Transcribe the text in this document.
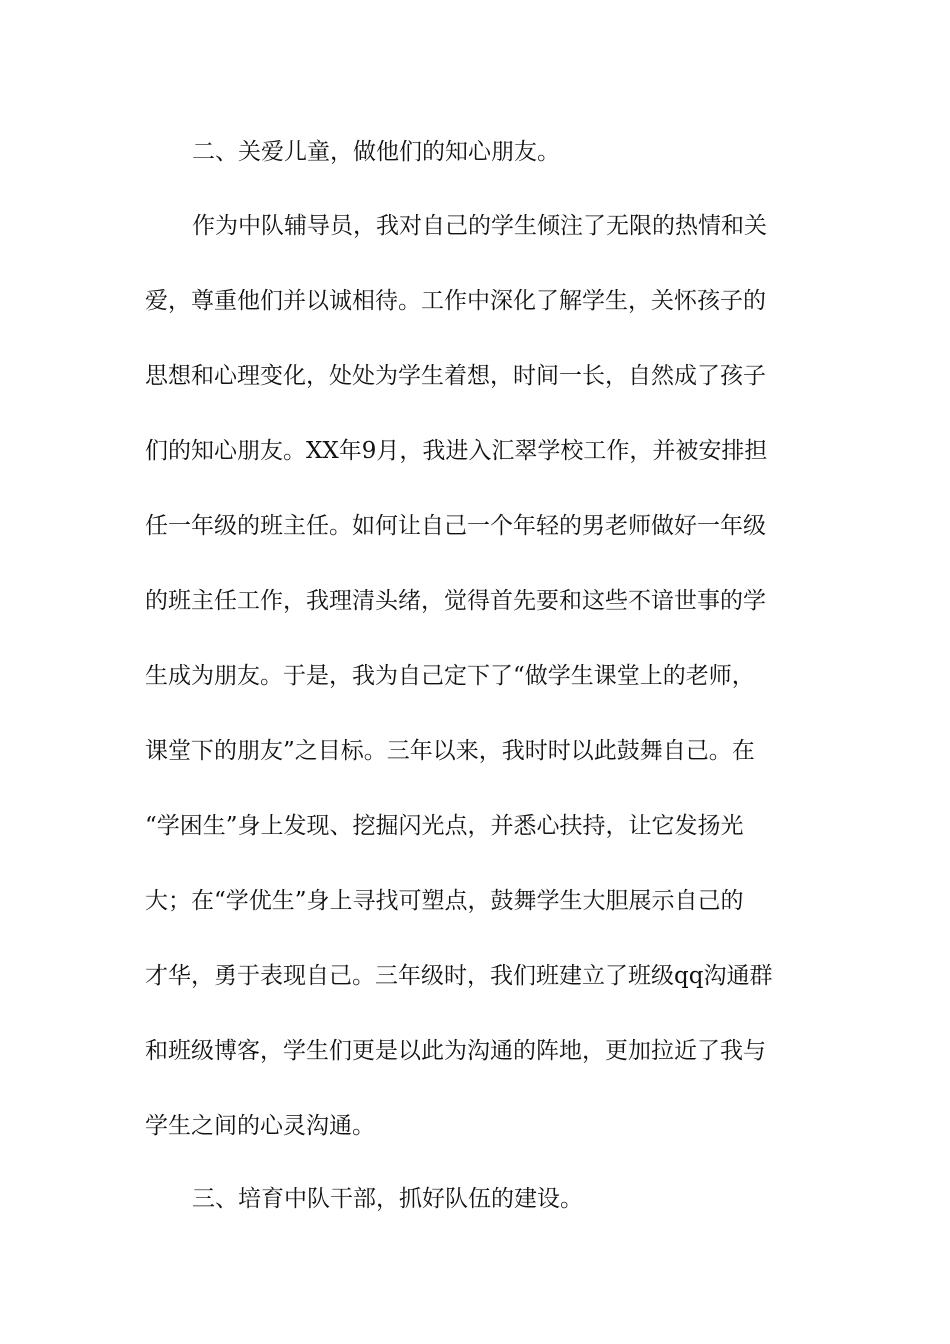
二、关爱儿童，做他们的知心朋友。
作为中队辅导员，我对自己的学生倾注了无限的热情和关
爱，尊重他们并以诚相待。工作中深化了解学生，关怀孩子的
思想和心理变化，处处为学生着想，时间一长，自然成了孩子
们的知心朋友。XX年9月，我进入汇翠学校工作，并被安排担
任一年级的班主任。如何让自己一个年轻的男老师做好一年级
的班主任工作，我理清头绪，觉得首先要和这些不谙世事的学
生成为朋友。于是，我为自己定下了“做学生课堂上的老师，
课堂下的朋友”之目标。三年以来，我时时以此鼓舞自己。在
“学困生”身上发现、挖掘闪光点，并悉心扶持，让它发扬光
大；在“学优生”身上寻找可塑点，鼓舞学生大胆展示自己的
才华，勇于表现自己。三年级时，我们班建立了班级qq沟通群
和班级博客，学生们更是以此为沟通的阵地，更加拉近了我与
学生之间的心灵沟通。
三、培育中队干部，抓好队伍的建设。
